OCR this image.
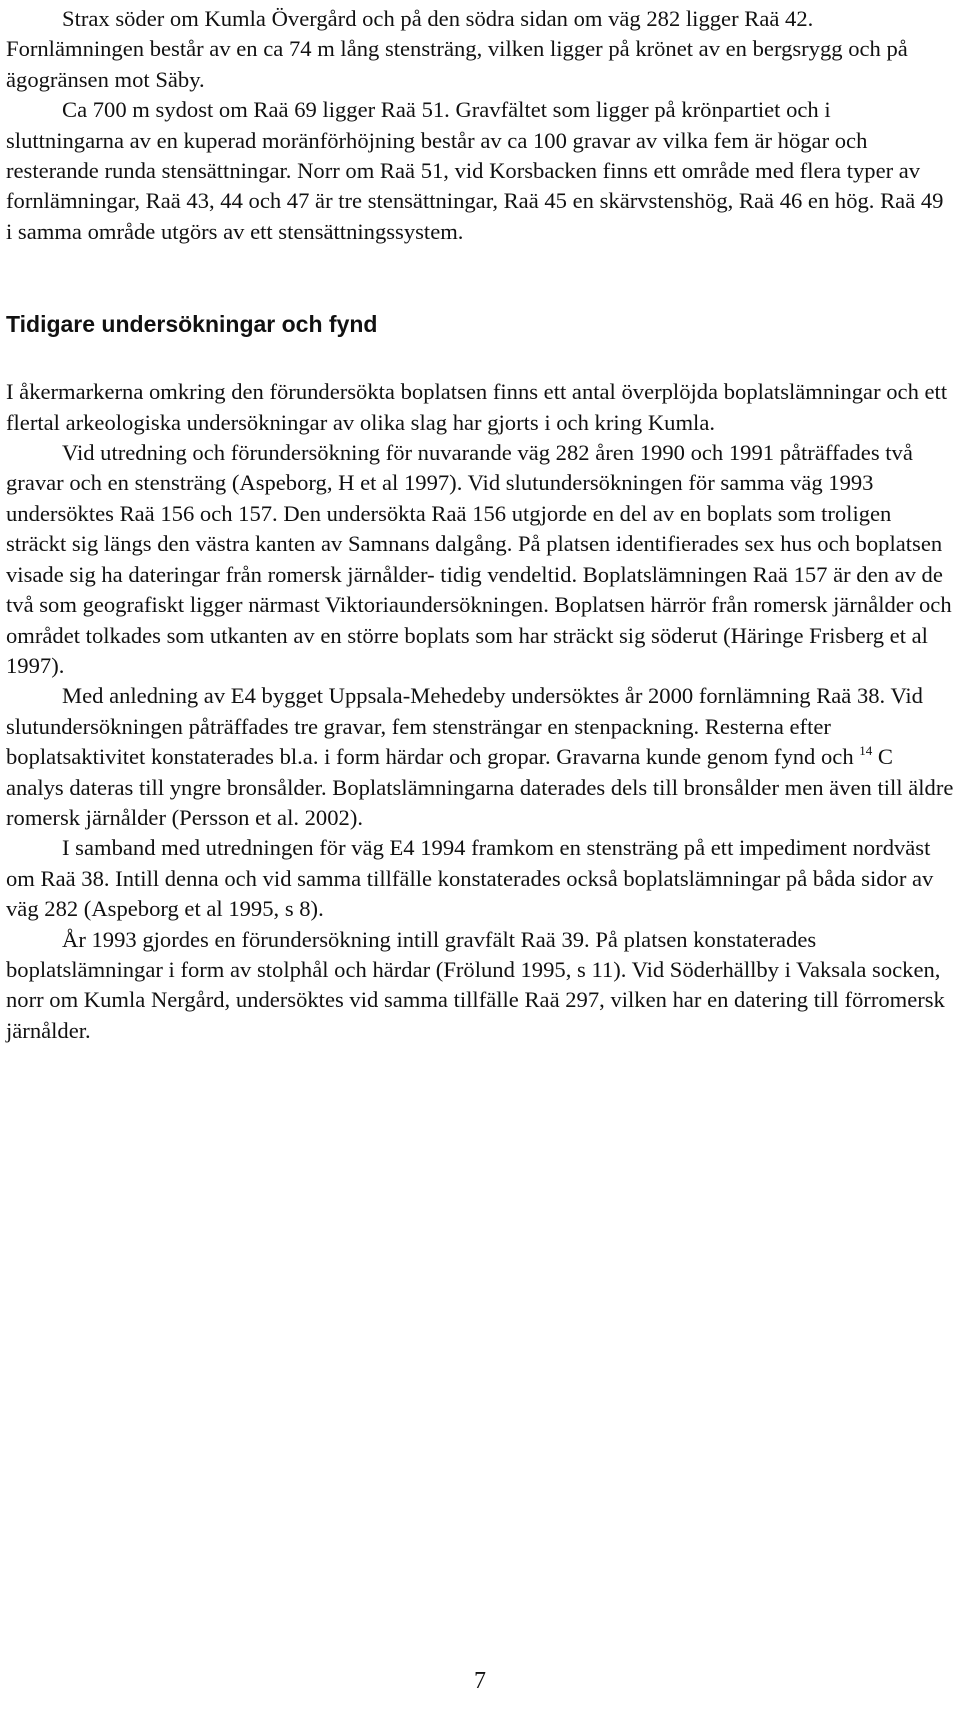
Strax söder om Kumla Övergård och på den södra sidan om väg 282 ligger Raä 42. Fornlämningen består av en ca 74 m lång stensträng, vilken ligger på krönet av en bergsrygg och på ägogränsen mot Säby.

Ca 700 m sydost om Raä 69 ligger Raä 51. Gravfältet som ligger på krönpartiet och i sluttningarna av en kuperad moränförhöjning består av ca 100 gravar av vilka fem är högar och resterande runda stensättningar. Norr om Raä 51, vid Korsbacken finns ett område med flera typer av fornlämningar, Raä 43, 44 och 47 är tre stensättningar, Raä 45 en skärvstenshög, Raä 46 en hög. Raä 49 i samma område utgörs av ett stensättningssystem.

Tidigare undersökningar och fynd

I åkermarkerna omkring den förundersökta boplatsen finns ett antal överplöjda boplatslämningar och ett flertal arkeologiska undersökningar av olika slag har gjorts i och kring Kumla.

Vid utredning och förundersökning för nuvarande väg 282 åren 1990 och 1991 påträffades två gravar och en stensträng (Aspeborg, H et al 1997). Vid slutundersökningen för samma väg 1993 undersöktes Raä 156 och 157. Den undersökta Raä 156 utgjorde en del av en boplats som troligen sträckt sig längs den västra kanten av Samnans dalgång. På platsen identifierades sex hus och boplatsen visade sig ha dateringar från romersk järnålder- tidig vendeltid. Boplatslämningen Raä 157 är den av de två som geografiskt ligger närmast Viktoriaundersökningen. Boplatsen härrör från romersk järnålder och området tolkades som utkanten av en större boplats som har sträckt sig söderut (Häringe Frisberg et al 1997).

Med anledning av E4 bygget Uppsala-Mehedeby undersöktes år 2000 fornlämning Raä 38. Vid slutundersökningen påträffades tre gravar, fem stensträngar en stenpackning. Resterna efter boplatsaktivitet konstaterades bl.a. i form härdar och gropar. Gravarna kunde genom fynd och $^{14}$ C analys dateras till yngre bronsålder. Boplatslämningarna daterades dels till bronsålder men även till äldre romersk järnålder (Persson et al. 2002).

I samband med utredningen för väg E4 1994 framkom en stensträng på ett impediment nordväst om Raä 38. Intill denna och vid samma tillfälle konstaterades också boplatslämningar på båda sidor av väg 282 (Aspeborg et al 1995, s 8).

År 1993 gjordes en förundersökning intill gravfält Raä 39. På platsen konstaterades boplatslämningar i form av stolphål och härdar (Frölund 1995, s 11). Vid Söderhällby i Vaksala socken, norr om Kumla Nergård, undersöktes vid samma tillfälle Raä 297, vilken har en datering till förromersk järnålder.

7
